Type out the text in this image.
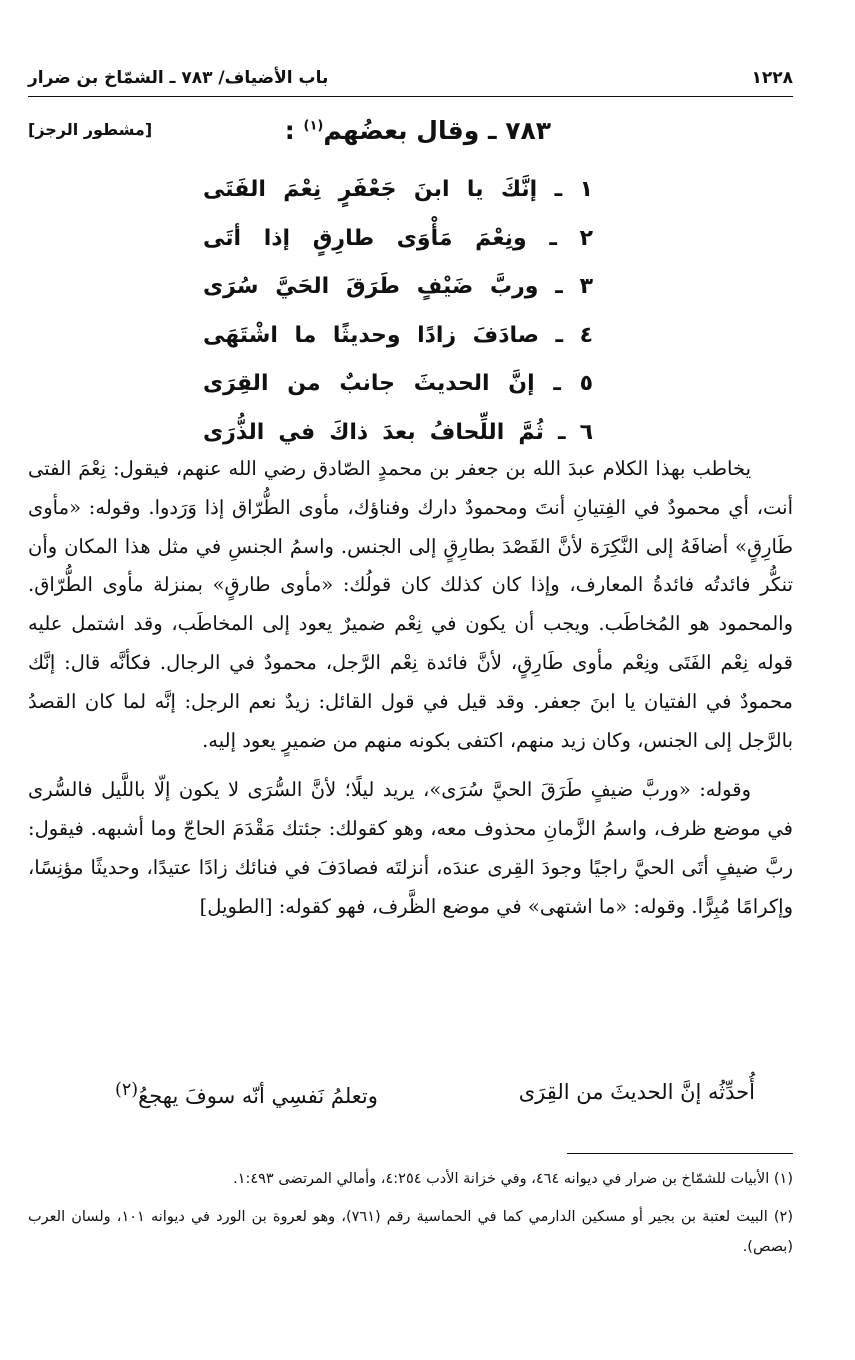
١٢٢٨
باب الأضياف/ ٧٨٣ ـ الشمّاخ بن ضرار
٧٨٣ ـ وقال بعضُهم$^{(١)}$ :
[مشطور الرجز]
١ ـ إنَّكَ يا ابنَ جَعْفَرٍ نِعْمَ الفَتَى
٢ ـ ونِعْمَ مَأْوَى طارِقٍ إذا أتَى
٣ ـ وربَّ ضَيْفٍ طَرَقَ الحَيَّ سُرَى
٤ ـ صادَفَ زادًا وحديثًا ما اشْتَهَى
٥ ـ إنَّ الحديثَ جانبٌ من القِرَى
٦ ـ ثُمَّ اللِّحافُ بعدَ ذاكَ في الذُّرَى

يخاطب بهذا الكلام عبدَ الله بن جعفر بن محمدٍ الصّادق رضي الله عنهم، فيقول: نِعْمَ الفتى أنت، أي محمودٌ في الفِتيانِ أنتَ ومحمودٌ دارك وفناؤك، مأوى الطُّرّاق إذا وَرَدوا. وقوله: «مأوى طَارِقٍ» أضافَهُ إلى النَّكِرَة لأنَّ القَصْدَ بطارِقٍ إلى الجنس. واسمُ الجنسِ في مثل هذا المكان وأن تنكُّر فائدتُه فائدةُ المعارف، وإذا كان كذلك كان قولُك: «مأوى طارقٍ» بمنزلة مأوى الطُّرّاق. والمحمود هو المُخاطَب. ويجب أن يكون في نِعْم ضميرٌ يعود إلى المخاطَب، وقد اشتمل عليه قوله نِعْم الفَتَى ونِعْم مأوى طَارِقٍ، لأنَّ فائدة نِعْم الرَّجل، محمودٌ في الرجال. فكأنَّه قال: إنَّك محمودٌ في الفتيان يا ابنَ جعفر. وقد قيل في قول القائل: زيدٌ نعم الرجل: إنَّه لما كان القصدُ بالرَّجل إلى الجنس، وكان زيد منهم، اكتفى بكونه منهم من ضميرٍ يعود إليه.

وقوله: «وربَّ ضيفٍ طَرَقَ الحيَّ سُرَى»، يريد ليلًا؛ لأنَّ السُّرَى لا يكون إلّا باللَّيل فالسُّرى في موضع ظرف، واسمُ الزَّمانِ محذوف معه، وهو كقولك: جئتك مَقْدَمَ الحاجّ وما أشبهه. فيقول: ربَّ ضيفٍ أتَى الحيَّ راجيًا وجودَ القِرى عندَه، أنزلتَه فصادَفَ في فنائك زادًا عتيدًا، وحديثًا مؤنِسًا، وإكرامًا مُبِرًّا. وقوله: «ما اشتهى» في موضع الظَّرف، فهو كقوله: [الطويل]

أُحدِّثُه إنَّ الحديثَ من القِرَى
وتعلمُ نَفسِي أنّه سوفَ يهجعُ$^{(٢)}$

(١) الأبيات للشمّاخ بن ضرار في ديوانه ٤٦٤، وفي خزانة الأدب ٤:٢٥٤، وأمالي المرتضى ١:٤٩٣.

(٢) البيت لعتبة بن بجير أو مسكين الدارمي كما في الحماسية رقم (٧٦١)، وهو لعروة بن الورد في ديوانه ١٠١، ولسان العرب (بصص).
